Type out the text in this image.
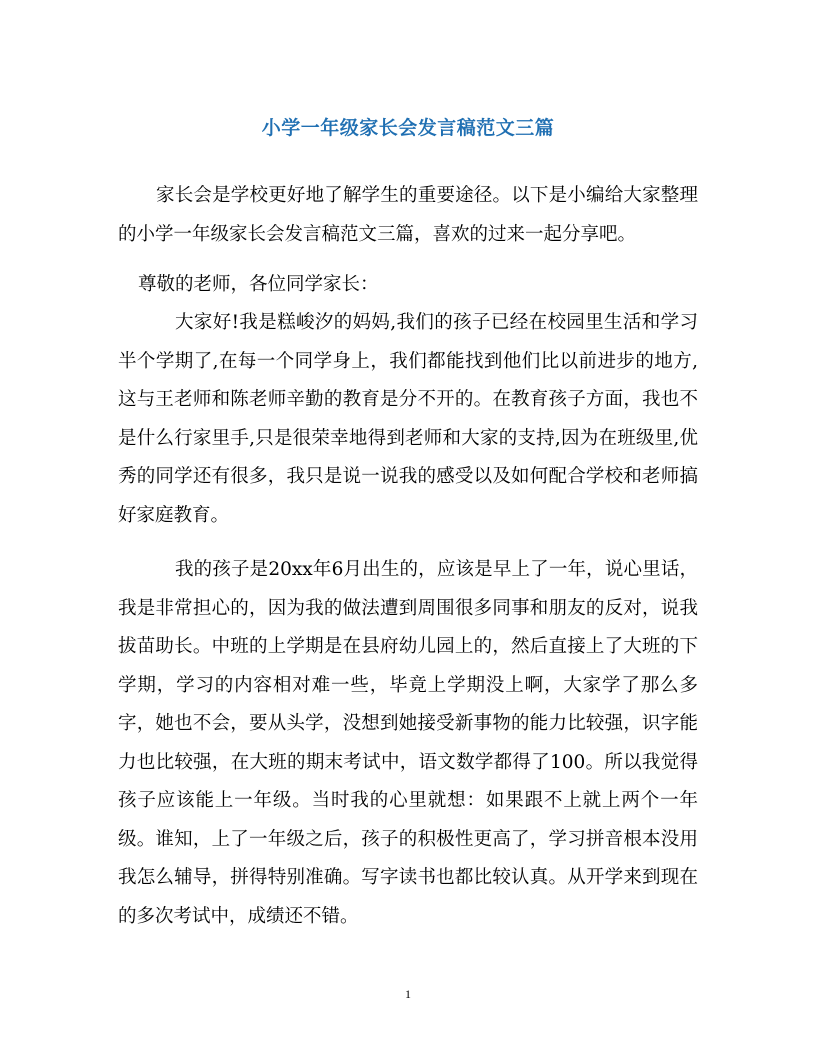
小学一年级家长会发言稿范文三篇
家长会是学校更好地了解学生的重要途径。以下是小编给大家整理的小学一年级家长会发言稿范文三篇，喜欢的过来一起分享吧。
尊敬的老师，各位同学家长：
大家好!我是糕峻汐的妈妈,我们的孩子已经在校园里生活和学习半个学期了,在每一个同学身上，我们都能找到他们比以前进步的地方,这与王老师和陈老师辛勤的教育是分不开的。在教育孩子方面，我也不是什么行家里手,只是很荣幸地得到老师和大家的支持,因为在班级里,优秀的同学还有很多，我只是说一说我的感受以及如何配合学校和老师搞好家庭教育。
我的孩子是20xx年6月出生的，应该是早上了一年，说心里话，我是非常担心的，因为我的做法遭到周围很多同事和朋友的反对，说我拔苗助长。中班的上学期是在县府幼儿园上的，然后直接上了大班的下学期，学习的内容相对难一些，毕竟上学期没上啊，大家学了那么多字，她也不会，要从头学，没想到她接受新事物的能力比较强，识字能力也比较强，在大班的期末考试中，语文数学都得了100。所以我觉得孩子应该能上一年级。当时我的心里就想：如果跟不上就上两个一年级。谁知，上了一年级之后，孩子的积极性更高了，学习拼音根本没用我怎么辅导，拼得特别准确。写字读书也都比较认真。从开学来到现在的多次考试中，成绩还不错。
1
